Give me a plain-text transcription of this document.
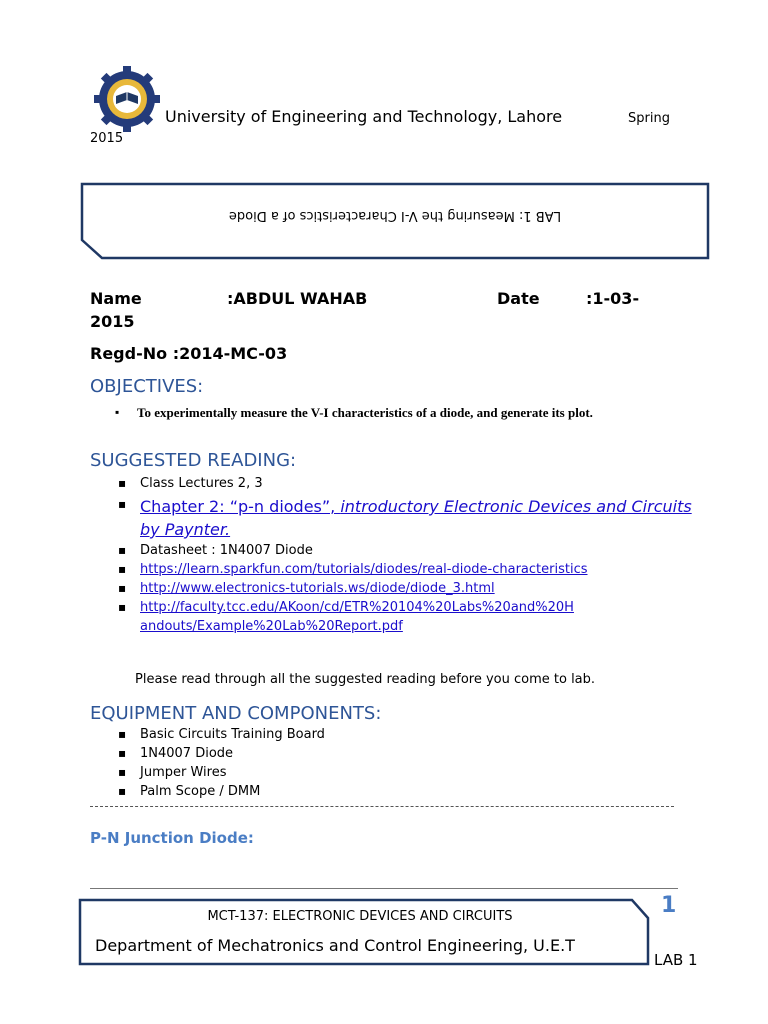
University of Engineering and Technology, Lahore	Spring
2015
LAB 1: Measuring the V-I Characteristics of a Diode
Name	:ABDUL WAHAB	Date	:1-03-
2015
Regd-No :2014-MC-03
OBJECTIVES:
▪ To experimentally measure the V-I characteristics of a diode, and generate its plot.
SUGGESTED READING:
▪ Class Lectures 2, 3
▪ Chapter 2: “p-n diodes”, introductory Electronic Devices and Circuits by Paynter.
▪ Datasheet : 1N4007 Diode
▪ https://learn.sparkfun.com/tutorials/diodes/real-diode-characteristics
▪ http://www.electronics-tutorials.ws/diode/diode_3.html
▪ http://faculty.tcc.edu/AKoon/cd/ETR%20104%20Labs%20and%20Handouts/Example%20Lab%20Report.pdf
Please read through all the suggested reading before you come to lab.
EQUIPMENT AND COMPONENTS:
▪ Basic Circuits Training Board
▪ 1N4007 Diode
▪ Jumper Wires
▪ Palm Scope / DMM
P-N Junction Diode:
MCT-137: ELECTRONIC DEVICES AND CIRCUITS
Department of Mechatronics and Control Engineering, U.E.T
1
LAB 1
